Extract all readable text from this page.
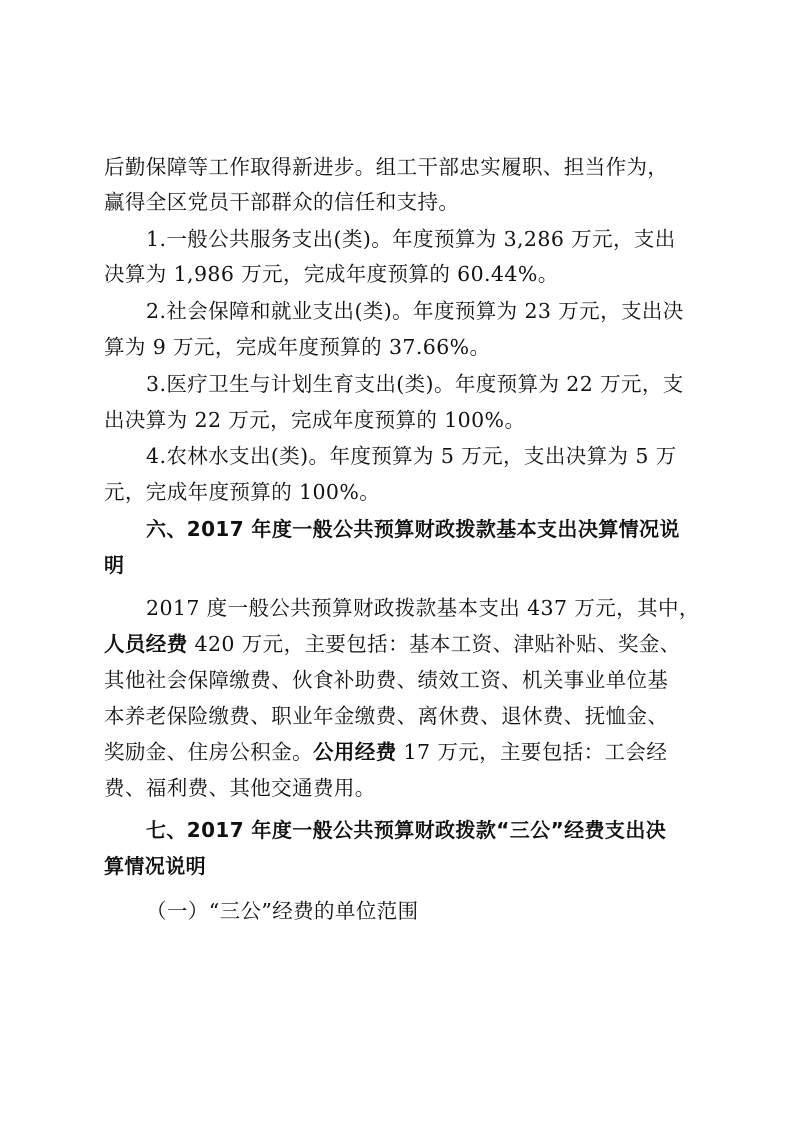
后勤保障等工作取得新进步。组工干部忠实履职、担当作为，
赢得全区党员干部群众的信任和支持。
1.一般公共服务支出(类)。年度预算为 3,286 万元，支出
决算为 1,986 万元，完成年度预算的 60.44%。
2.社会保障和就业支出(类)。年度预算为 23 万元，支出决
算为 9 万元，完成年度预算的 37.66%。
3.医疗卫生与计划生育支出(类)。年度预算为 22 万元，支
出决算为 22 万元，完成年度预算的 100%。
4.农林水支出(类)。年度预算为 5 万元，支出决算为 5 万
元，完成年度预算的 100%。
六、2017 年度一般公共预算财政拨款基本支出决算情况说
明
2017 度一般公共预算财政拨款基本支出 437 万元，其中，
人员经费 420 万元，主要包括：基本工资、津贴补贴、奖金、
其他社会保障缴费、伙食补助费、绩效工资、机关事业单位基
本养老保险缴费、职业年金缴费、离休费、退休费、抚恤金、
奖励金、住房公积金。公用经费 17 万元，主要包括：工会经
费、福利费、其他交通费用。
七、2017 年度一般公共预算财政拨款“三公”经费支出决
算情况说明
（一）“三公”经费的单位范围
